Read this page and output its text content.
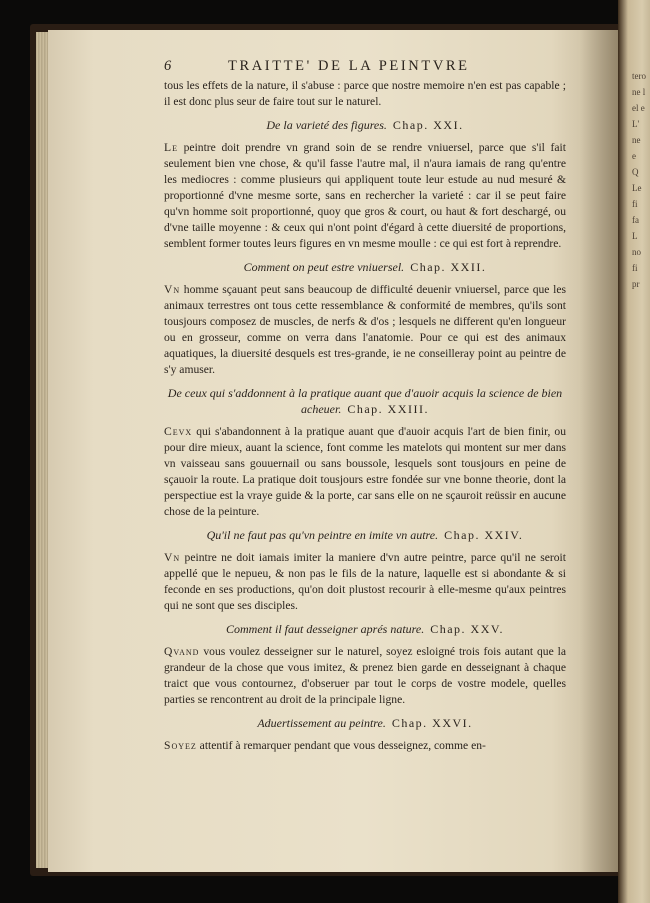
tero
ne l
el e
L'
ne
e
Q
Le
fi
fa
L
no
fi
pr
6	TRAITTE' DE LA PEINTVRE

tous les effets de la nature, il s'abuse : parce que nostre memoire n'en est pas capable ; il est donc plus seur de faire tout sur le naturel.

De la varieté des figures. Chap. XXI.

Le peintre doit prendre vn grand soin de se rendre vniuersel, parce que s'il fait seulement bien vne chose, & qu'il fasse l'autre mal, il n'aura iamais de rang qu'entre les mediocres : comme plusieurs qui appliquent toute leur estude au nud mesuré & proportionné d'vne mesme sorte, sans en rechercher la varieté : car il se peut faire qu'vn homme soit proportionné, quoy que gros & court, ou haut & fort deschargé, ou d'vne taille moyenne : & ceux qui n'ont point d'égard à cette diuersité de proportions, semblent former toutes leurs figures en vn mesme moulle : ce qui est fort à reprendre.

Comment on peut estre vniuersel. Chap. XXII.

Vn homme sçauant peut sans beaucoup de difficulté deuenir vniuersel, parce que les animaux terrestres ont tous cette ressemblance & conformité de membres, qu'ils sont tousjours composez de muscles, de nerfs & d'os ; lesquels ne different qu'en longueur ou en grosseur, comme on verra dans l'anatomie. Pour ce qui est des animaux aquatiques, la diuersité desquels est tres-grande, ie ne conseilleray point au peintre de s'y amuser.

De ceux qui s'addonnent à la pratique auant que d'auoir acquis la science de bien acheuer. Chap. XXIII.

Cevx qui s'abandonnent à la pratique auant que d'auoir acquis l'art de bien finir, ou pour dire mieux, auant la science, font comme les matelots qui montent sur mer dans vn vaisseau sans gouuernail ou sans boussole, lesquels sont tousjours en peine de sçauoir la route. La pratique doit tousjours estre fondée sur vne bonne theorie, dont la perspectiue est la vraye guide & la porte, car sans elle on ne sçauroit reüssir en aucune chose de la peinture.

Qu'il ne faut pas qu'vn peintre en imite vn autre. Chap. XXIV.

Vn peintre ne doit iamais imiter la maniere d'vn autre peintre, parce qu'il ne seroit appellé que le nepueu, & non pas le fils de la nature, laquelle est si abondante & si feconde en ses productions, qu'on doit plustost recourir à elle-mesme qu'aux peintres qui ne sont que ses disciples.

Comment il faut desseigner aprés nature. Chap. XXV.

Qvand vous voulez desseigner sur le naturel, soyez esloigné trois fois autant que la grandeur de la chose que vous imitez, & prenez bien garde en desseignant à chaque traict que vous contournez, d'obseruer par tout le corps de vostre modele, quelles parties se rencontrent au droit de la principale ligne.

Aduertissement au peintre. Chap. XXVI.

Soyez attentif à remarquer pendant que vous desseignez, comme en-
